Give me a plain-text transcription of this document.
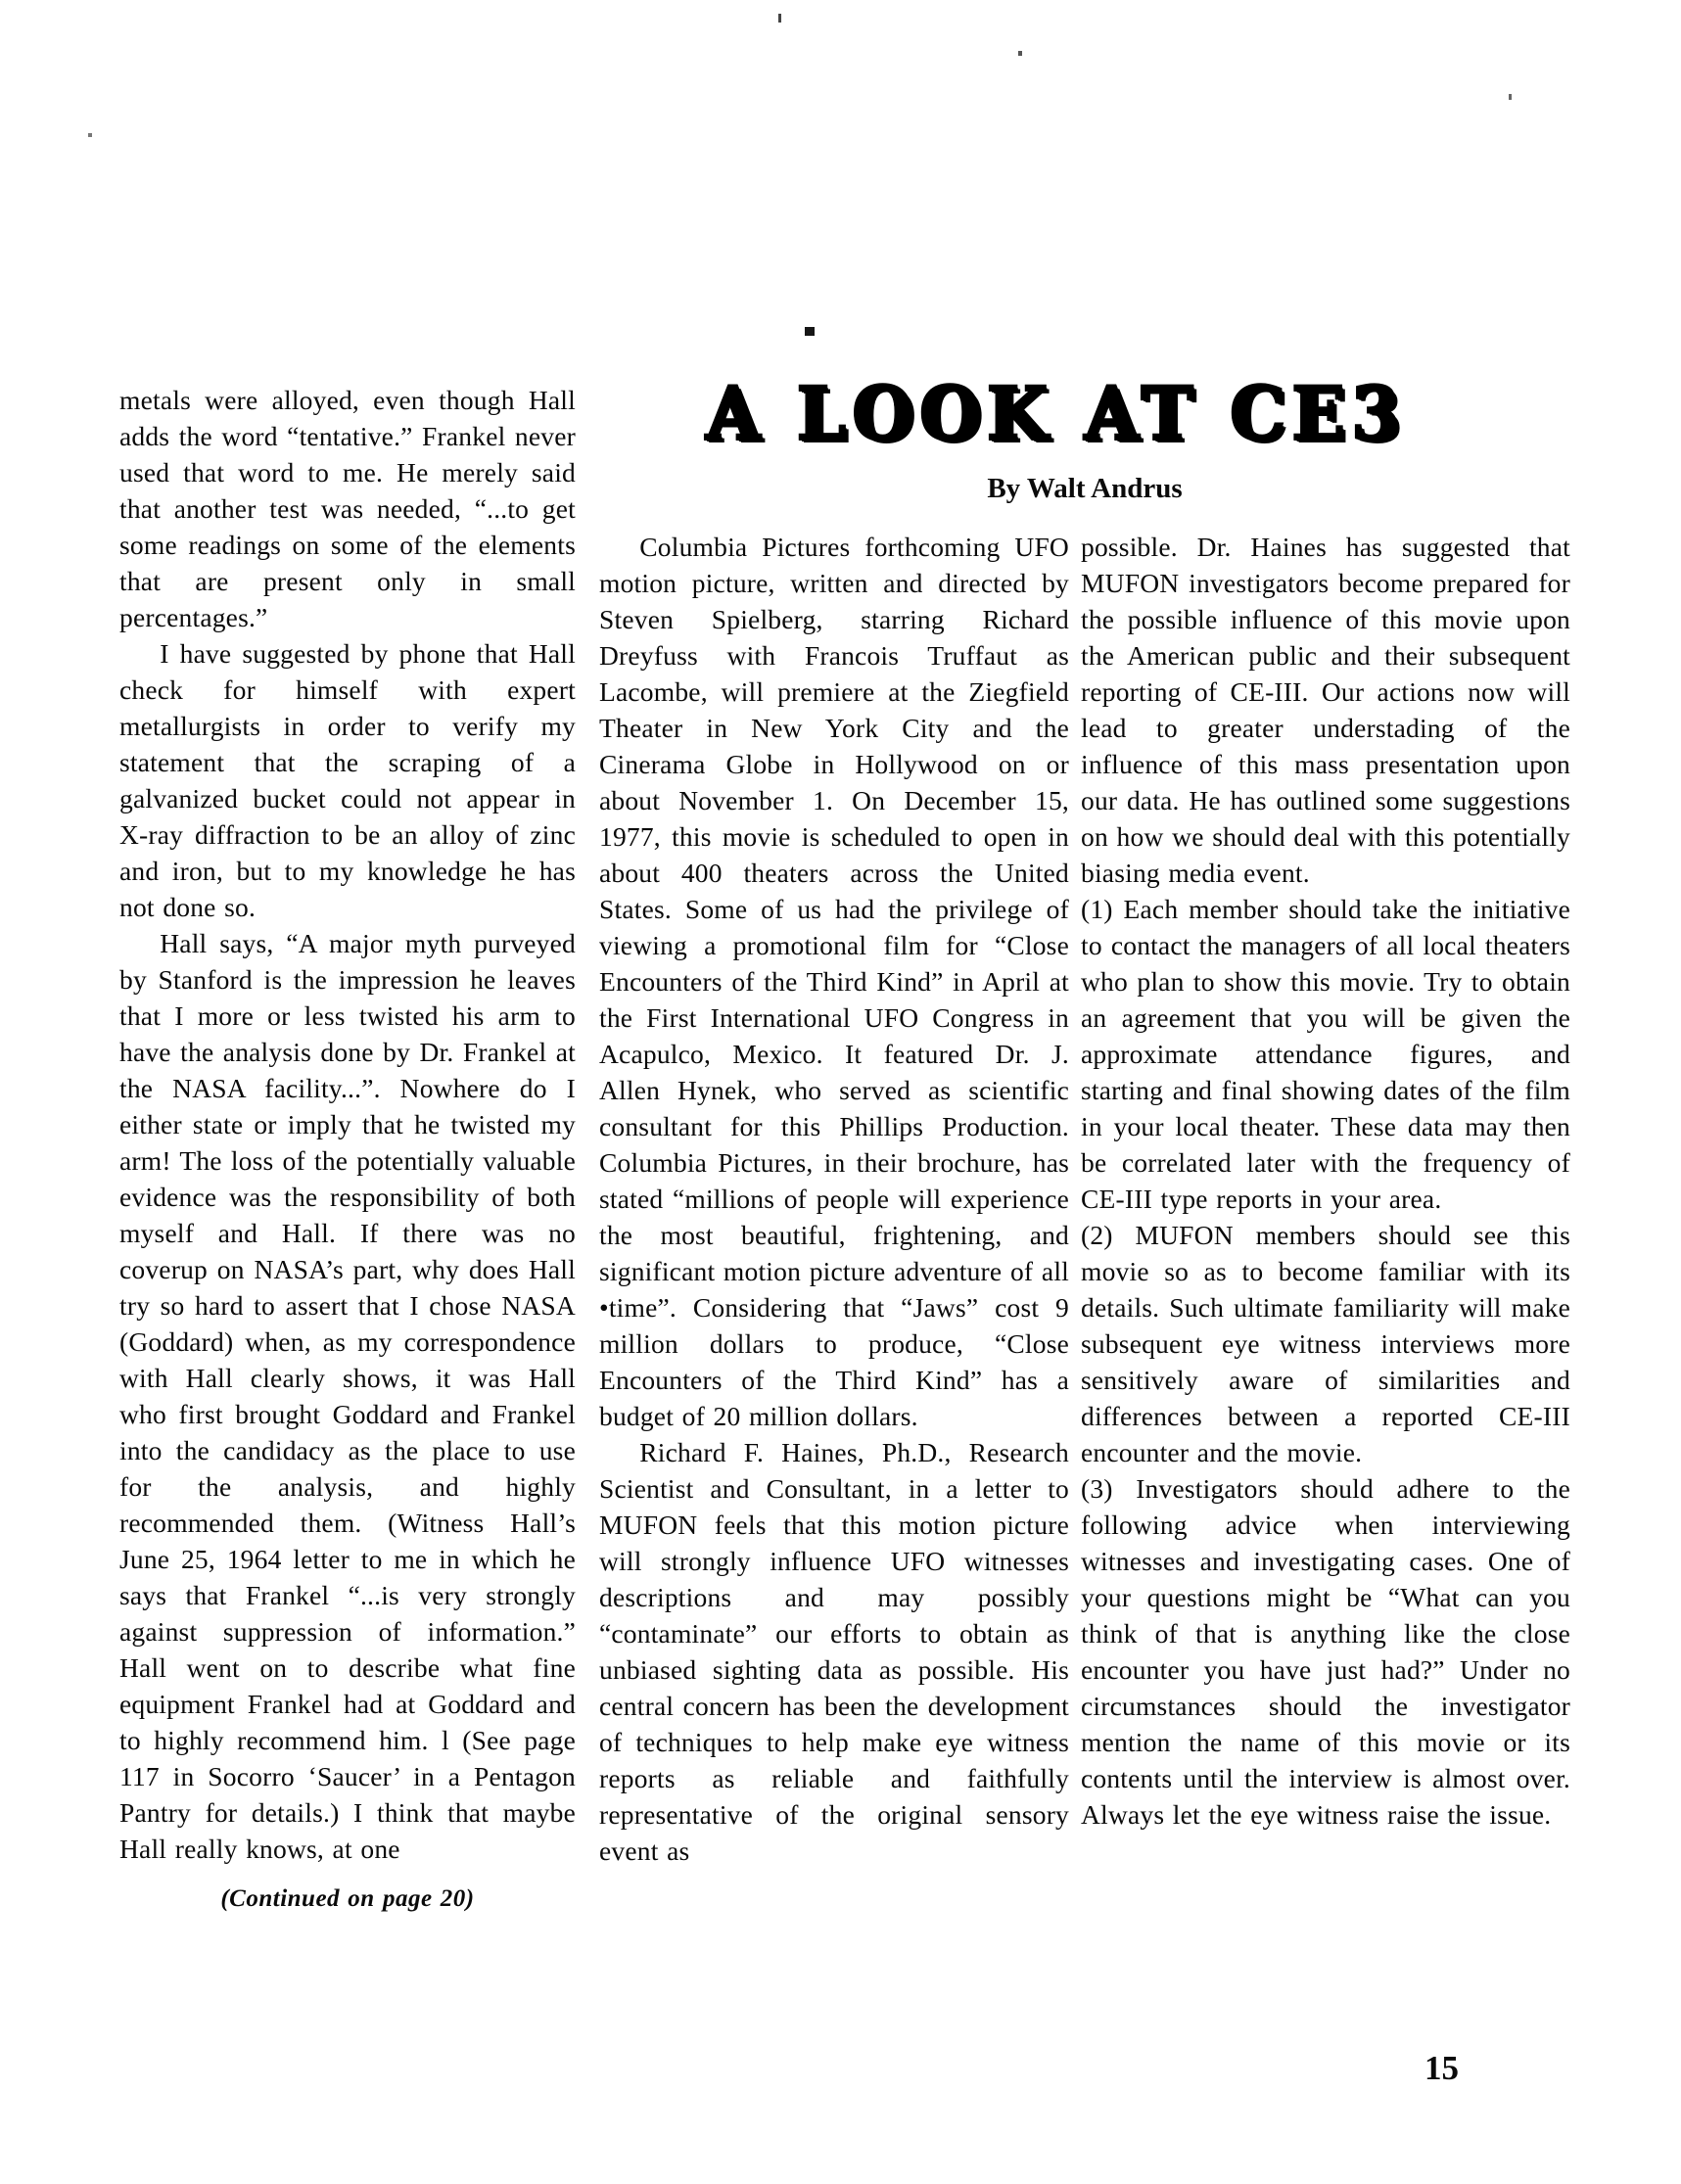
A LOOK AT CE3
By Walt Andrus

metals were alloyed, even though Hall adds the word “tentative.” Frankel never used that word to me. He merely said that another test was needed, “...to get some readings on some of the elements that are present only in small percentages.”

I have suggested by phone that Hall check for himself with expert metallurgists in order to verify my statement that the scraping of a galvanized bucket could not appear in X-ray diffraction to be an alloy of zinc and iron, but to my knowledge he has not done so.

Hall says, “A major myth purveyed by Stanford is the impression he leaves that I more or less twisted his arm to have the analysis done by Dr. Frankel at the NASA facility...”. Nowhere do I either state or imply that he twisted my arm! The loss of the potentially valuable evidence was the responsibility of both myself and Hall. If there was no coverup on NASA’s part, why does Hall try so hard to assert that I chose NASA (Goddard) when, as my correspondence with Hall clearly shows, it was Hall who first brought Goddard and Frankel into the candidacy as the place to use for the analysis, and highly recommended them. (Witness Hall’s June 25, 1964 letter to me in which he says that Frankel “...is very strongly against suppression of information.” Hall went on to describe what fine equipment Frankel had at Goddard and to highly recommend him. l (See page 117 in Socorro ‘Saucer’ in a Pentagon Pantry for details.) I think that maybe Hall really knows, at one

(Continued on page 20)

Columbia Pictures forthcoming UFO motion picture, written and directed by Steven Spielberg, starring Richard Dreyfuss with Francois Truffaut as Lacombe, will premiere at the Ziegfield Theater in New York City and the Cinerama Globe in Hollywood on or about November 1. On December 15, 1977, this movie is scheduled to open in about 400 theaters across the United States. Some of us had the privilege of viewing a promotional film for “Close Encounters of the Third Kind” in April at the First International UFO Congress in Acapulco, Mexico. It featured Dr. J. Allen Hynek, who served as scientific consultant for this Phillips Production. Columbia Pictures, in their brochure, has stated “millions of people will experience the most beautiful, frightening, and significant motion picture adventure of all •time”. Considering that “Jaws” cost 9 million dollars to produce, “Close Encounters of the Third Kind” has a budget of 20 million dollars.

Richard F. Haines, Ph.D., Research Scientist and Consultant, in a letter to MUFON feels that this motion picture will strongly influence UFO witnesses descriptions and may possibly “contaminate” our efforts to obtain as unbiased sighting data as possible. His central concern has been the development of techniques to help make eye witness reports as reliable and faithfully representative of the original sensory event as

possible. Dr. Haines has suggested that MUFON investigators become prepared for the possible influence of this movie upon the American public and their subsequent reporting of CE-III. Our actions now will lead to greater understading of the influence of this mass presentation upon our data. He has outlined some suggestions on how we should deal with this potentially biasing media event.

(1) Each member should take the initiative to contact the managers of all local theaters who plan to show this movie. Try to obtain an agreement that you will be given the approximate attendance figures, and starting and final showing dates of the film in your local theater. These data may then be correlated later with the frequency of CE-III type reports in your area.

(2) MUFON members should see this movie so as to become familiar with its details. Such ultimate familiarity will make subsequent eye witness interviews more sensitively aware of similarities and differences between a reported CE-III encounter and the movie.

(3) Investigators should adhere to the following advice when interviewing witnesses and investigating cases. One of your questions might be “What can you think of that is anything like the close encounter you have just had?” Under no circumstances should the investigator mention the name of this movie or its contents until the interview is almost over. Always let the eye witness raise the issue.

15
